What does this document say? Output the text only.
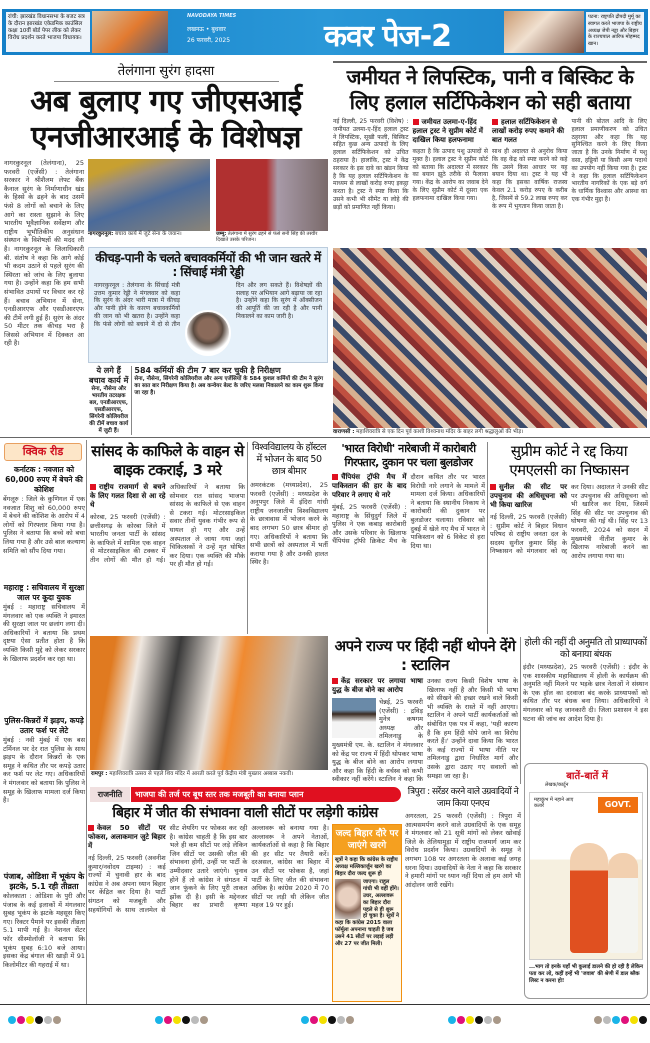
रांची: झारखंड विधानसभा के बजट सत्र के दौरान झारखंड एकेडमिक काउंसिल कक्षा 10वीं बोर्ड पेपर लीक को लेकर विरोध प्रदर्शन करते भाजपा विधायक।
NAVODAYA TIMES
लखनऊ • बुधवार
26 फरवरी, 2025	कवर पेज-2
पटना: राष्ट्रपति द्रौपदी मुर्मू का स्वागत करते भाजपा के राष्ट्रीय अध्यक्ष जेपी नड्डा और बिहार के राज्यपाल आरिफ मोहम्मद खान।
तेलंगाना सुरंग हादसा
अब बुलाए गए जीएसआई एनजीआरआई के विशेषज्ञ
नागरकुरनूल (तेलंगाना), 25 फरवरी (एजेंसी) : तेलंगाना सरकार ने श्रीशैलम लेफ्ट बैंक कैनाल सुरंग के निर्माणाधीन खंड के हिस्से के ढहने के बाद उसमें फंसे 8 लोगों को बचाने के लिए आगे का रास्ता सुझाने के लिए भारतीय भूवैज्ञानिक सर्वेक्षण और राष्ट्रीय भूभौतिकीय अनुसंधान संस्थान के विशेषज्ञों की मदद ली है। नागरकुरनूल के जिलाधिकारी बी. संतोष ने कहा कि आगे कोई भी कदम उठाने से पहले सुरंग की स्थिरता को जांच के लिए बुलाया गया है। उन्होंने कहा कि हम सभी संभावित उपायों पर विचार कर रहे हैं। बचाव अभियान में सेना, एनडीआरएफ और एसडीआरएफ की टीमें लगी हुई हैं। सुरंग के अंदर 50 मीटर तक कीचड़ भरा है जिससे अभियान में दिक्कत आ रही है।
नागरकुरनूल: बचाव कार्य में जुटे सेना के जवान।	जम्मू: तेलंगाना में सुरंग ढहने से फंसे सनी सिंह की तस्वीर दिखाते उसके परिजन।
कीचड़-पानी के चलते बचावकर्मियों की भी जान खतरे में : सिंचाई मंत्री रेड्डी
नागरकुरनूल : तेलंगाना के सिंचाई मंत्री उत्तम कुमार रेड्डी ने मंगलवार को कहा कि सुरंग के अंदर भारी मात्रा में कीचड़ और पानी होने के कारण बचावकर्मियों की जान को भी खतरा है। उन्होंने कहा कि फंसे लोगों को बचाने में दो से तीन दिन और लग सकते हैं। विशेषज्ञों की सलाह पर अभियान आगे बढ़ाया जा रहा है। उन्होंने कहा कि सुरंग में ऑक्सीजन की आपूर्ति की जा रही है और पानी निकालने का काम जारी है।
ये लगे हैं बचाव कार्य में
सेना, नौसेना और भारतीय तटरक्षक बल, एनडीआरएफ, एसडीआरएफ, सिंगरेनी कोलियरीज की टीमें बचाव कार्य में जुटी हैं।
584 कर्मियों की टीम 7 बार कर चुकी है निरीक्षण
सेना, नौसेना, सिंगरेनी कोलियरीज और अन्य एजेंसियों के 584 कुशल कर्मियों की टीम ने सुरंग का सात बार निरीक्षण किया है। अब कन्वेयर बेल्ट के जरिए मलबा निकालने का काम शुरू किया जा रहा है।
जमीयत ने लिपस्टिक, पानी व बिस्किट के लिए हलाल सर्टिफिकेशन को सही बताया
नई दिल्ली, 25 फरवरी (विशेष) : जमीयत उलमा-ए-हिंद हलाल ट्रस्ट ने लिपस्टिक, सूखी फली, बिस्किट सहित कुछ अन्य उत्पादों के लिए हलाल सर्टिफिकेशन को उचित ठहराया है। हालांकि, ट्रस्ट ने केंद्र सरकार के इस दावे का खंडन किया है कि यह हलाल सर्टिफिकेशन के माध्यम से लाखों करोड़ रुपए इकट्ठा करता है। ट्रस्ट ने स्पष्ट किया कि उसने कभी भी सीमेंट या लोहे की छड़ों को प्रमाणित नहीं किया।
जमीयत उलमा-ए-हिंद हलाल ट्रस्ट ने सुप्रीम कोर्ट में दाखिल किया हलफनामा
कहता है कि उत्पाद पशु उत्पादों से मुक्त है। हलाल ट्रस्ट ने सुप्रीम कोर्ट को बताया कि अदालत में सरकार का बयान झूठे तरीके से फैलाया गया। केंद्र के आरोप का जवाब देने के लिए सुप्रीम कोर्ट में दूसरा एक हलफनामा दाखिल किया गया।
हलाल सर्टिफिकेशन से लाखों करोड़ रुपए कमाने की बात गलत
साथ ही अदालत से अनुरोध किया कि वह केंद्र को स्पष्ट करने को कहे कि उसने किस आधार पर यह बयान दिया था। ट्रस्ट ने यह भी कहा कि इसका वार्षिक राजस्व केवल 2.1 करोड़ रुपए के करीब है, जिसमें से 59.2 लाख रुपए कर के रूप में भुगतान किया जाता है।
पानी की बोतल आदि के लिए हलाल प्रमाणीकरण को उचित ठहराया और कहा कि यह सुनिश्चित करने के लिए किया जाता है कि उनके निर्माण में पशु वसा, हड्डियों या किसी अन्य पदार्थ का उपयोग नहीं किया गया है। ट्रस्ट ने कहा कि हलाल सर्टिफिकेशन भारतीय नागरिकों के एक बड़े वर्ग के धार्मिक विश्वास और आस्था का एक गंभीर मुद्दा है।
वाराणसी : महाशिवरात्रि से एक दिन पूर्व काशी विश्वनाथ मंदिर के बाहर लगी श्रद्धालुओं की भीड़।
क्विक रीड
कर्नाटक : नवजात को 60,000 रुपए में बेचने की कोशिश
बेंगलूरु : जिले के कुणिगल में एक नवजात शिशु को 60,000 रुपए में बेचने की कोशिश के आरोप में 4 लोगों को गिरफ्तार किया गया है। पुलिस ने बताया कि बच्चे को बचा लिया गया है और उसे बाल कल्याण समिति को सौंप दिया गया।
महाराष्ट्र : सचिवालय में सुरक्षा जाल पर कूदा युवक
मुंबई : महाराष्ट्र सचिवालय में मंगलवार को एक व्यक्ति ने इमारत की सुरक्षा जाल पर छलांग लगा दी। अधिकारियों ने बताया कि प्रथम दृष्टया ऐसा प्रतीत होता है कि व्यक्ति किसी मुद्दे को लेकर सरकार के खिलाफ प्रदर्शन कर रहा था।
पुलिस-किन्नरों में झड़प, कपड़े उतार फर्श पर लेटे
मुंबई : नवी मुंबई में एक बस टर्मिनल पर देर रात पुलिस के साथ झड़प के दौरान किन्नरों के एक समूह ने कथित तौर पर कपड़े उतार कर फर्श पर लेट गए। अधिकारियों ने मंगलवार को बताया कि पुलिस ने समूह के खिलाफ मामला दर्ज किया है।
पंजाब, ओडिशा में भूकंप के झटके, 5.1 रही तीव्रता
कोलकाता : ओडिशा के पुरी और पंजाब के कई इलाकों में मंगलवार सुबह भूकंप के झटके महसूस किए गए। रिक्टर पैमाने पर इसकी तीव्रता 5.1 मापी गई है। नेशनल सेंटर फॉर सीस्मोलॉजी ने बताया कि भूकंप सुबह 6:10 बजे आया। इसका केंद्र बंगाल की खाड़ी में 91 किलोमीटर की गहराई में था।
सांसद के काफिले के वाहन से बाइक टकराई, 3 मरे
राष्ट्रीय राजमार्ग से बचने के लिए गलत दिशा से आ रहे थे
कोरबा, 25 फरवरी (एजेंसी) : छत्तीसगढ़ के कोरबा जिले में भारतीय जनता पार्टी के सांसद के काफिले में शामिल एक वाहन से मोटरसाइकिल की टक्कर में तीन लोगों की मौत हो गई। अधिकारियों ने बताया कि सोमवार रात सांसद भाजपा सांसद के काफिले से एक वाहन से टकरा गई। मोटरसाइकिल सवार तीनों युवक गंभीर रूप से घायल हो गए और उन्हें अस्पताल ले जाया गया जहां चिकित्सकों ने उन्हें मृत घोषित कर दिया। एक व्यक्ति की मौके पर ही मौत हो गई।
विश्वविद्यालय के हॉस्टल में भोजन के बाद 50 छात्र बीमार
अमरकंटक (मध्यप्रदेश), 25 फरवरी (एजेंसी) : मध्यप्रदेश के अनूपपुर जिले में इंदिरा गांधी राष्ट्रीय जनजातीय विश्वविद्यालय के छात्रावास में भोजन करने के बाद लगभग 50 छात्र बीमार हो गए। अधिकारियों ने बताया कि सभी छात्रों को अस्पताल में भर्ती कराया गया है और उनकी हालत स्थिर है।
रामपुर : महाशिवरात्रि उत्सव से पहले शिव मंदिर में आरती करते पूर्व केंद्रीय मंत्री मुख्तार अब्बास नकवी।
'भारत विरोधी' नारेबाजी में कारोबारी गिरफ्तार, दुकान पर चला बुलडोजर
चैंपियंस ट्रॉफी मैच में पाकिस्तान की हार के बाद परिवार ने लगाए थे नारे
मुंबई, 25 फरवरी (एजेंसी) : महाराष्ट्र के सिंधुदुर्ग जिले में पुलिस ने एक कबाड़ कारोबारी और उसके परिवार के खिलाफ चैंपियंस ट्रॉफी क्रिकेट मैच के दौरान कथित तौर पर भारत विरोधी नारे लगाने के मामले में मामला दर्ज किया। अधिकारियों ने बताया कि स्थानीय निकाय ने कारोबारी की दुकान पर बुलडोजर चलाया। रविवार को दुबई में खेले गए मैच में भारत ने पाकिस्तान को 6 विकेट से हरा दिया था।
सुप्रीम कोर्ट ने रद्द किया एमएलसी का निष्कासन
सुनील की सीट पर उपचुनाव की अधिसूचना को भी किया खारिज
नई दिल्ली, 25 फरवरी (एजेंसी) : सुप्रीम कोर्ट ने बिहार विधान परिषद से राष्ट्रीय जनता दल के सदस्य सुनील कुमार सिंह के निष्कासन को मंगलवार को रद्द कर दिया। अदालत ने उनकी सीट पर उपचुनाव की अधिसूचना को भी खारिज कर दिया, जिसमें सिंह की सीट पर उपचुनाव की घोषणा की गई थी। सिंह पर 13 फरवरी, 2024 को सदन में मुख्यमंत्री नीतीश कुमार के खिलाफ नारेबाजी करने का आरोप लगाया गया था।
अपने राज्य पर हिंदी नहीं थोपने देंगे : स्टालिन
केंद्र सरकार पर लगाया भाषा युद्ध के बीज बोने का आरोप
चेन्नई, 25 फरवरी (एजेंसी) : द्रविड़ मुनेत्र कषगम अध्यक्ष और तमिलनाडु के मुख्यमंत्री एम. के. स्टालिन ने मंगलवार को केंद्र पर राज्य में हिंदी थोपकर भाषा युद्ध के बीज बोने का आरोप लगाया और कहा कि हिंदी के वर्चस्व को कभी स्वीकार नहीं करेंगे। स्टालिन ने कहा कि उनका राज्य किसी विशेष भाषा के खिलाफ नहीं है और किसी भी भाषा को सीखने की इच्छा रखने वाले किसी भी व्यक्ति के रास्ते में नहीं आएगा। स्टालिन ने अपने पार्टी कार्यकर्ताओं को संबोधित एक पत्र में कहा, 'यही कारण है कि हम हिंदी थोपे जाने का विरोध करते हैं।' उन्होंने दावा किया कि भारत के कई राज्यों में भाषा नीति पर तमिलनाडु द्वारा निर्धारित मार्ग और उसके द्वारा उठाए गए सवालों को समझा जा रहा है।
होली की नहीं दी अनुमति तो प्राध्यापकों को बनाया बंधक
इंदौर (मध्यप्रदेश), 25 फरवरी (एजेंसी) : इंदौर के एक शासकीय महाविद्यालय में होली के कार्यक्रम की अनुमति नहीं मिलने पर भड़के छात्र नेताओं ने संस्थान के एक हॉल का दरवाजा बंद करके प्राध्यापकों को कथित तौर पर बंधक बना लिया। अधिकारियों ने मंगलवार को यह जानकारी दी। जिला प्रशासन ने इस घटना की जांच का आदेश दिया है।
बातें-बातें में
लेखक/कार्टून
महाकुंभ में नहाने आए कतारें	GOVT.
...भाग तो इनके यहाँ भी कुलाई डालने की हो रही है लेकिन पता कर लो, कहीं इन्हें भी 'जवाब' की श्रेणी में डाल ब्लैक लिस्ट न करना हो!
राजनीति	भाजपा की तर्ज पर बूथ स्तर तक मजबूती का बनाया प्लान
बिहार में जीत की संभावना वाली सीटों पर लड़ेगी कांग्रेस
केवल 50 सीटों पर फोकस, अलाकमान जुटे बिहार में
नई दिल्ली, 25 फरवरी (अवनीश कुमार/नवोदय टाइम्स) : कई राज्यों में चुनावी हार के बाद कांग्रेस ने अब अपना ध्यान बिहार पर केंद्रित कर दिया है। पार्टी संगठन को मजबूती और सहयोगियों के साथ तालमेल से सीट शेयरिंग पर फोकस कर रही है। कांग्रेस चाहती है कि इस बार भले ही कम सीटों पर लड़े लेकिन जिन सीटों पर उसकी जीत की संभावना होगी, उन्हीं पर पार्टी के उम्मीदवार उतारे जाएंगे। चुनाव होने हैं तो कांग्रेस ने संगठन में जान फूंकने के लिए पूरी ताकत झोंक दी है। इसी के मद्देनजर बिहार का प्रभारी कृष्णा अल्लावरू को बनाया गया है। अल्लावरू ने अपने नेताओं, कार्यकर्ताओं से कहा है कि बिहार की हर सीट पर तैयारी करें। दरअसल, कांग्रेस का बिहार में उन सीटों पर फोकस है, जहां पार्टी के लिए जीत की संभावना अधिक है। कांग्रेस 2020 में 70 सीटों पर लड़ी थी लेकिन जीत महज 19 पर हुई।
जल्द बिहार दौरे पर जाएंगे खरगे
सूत्रों ने कहा कि कांग्रेस के राष्ट्रीय अध्यक्ष मल्लिकार्जुन खरगे का बिहार दौरा जल्द शुरू हो
जाएगा। राहुल गांधी भी वहीं होंगे। उधर, अल्लावरू का बिहार दौरा पहले से ही शुरू हो चुका है। सूत्रों ने कहा कि कांग्रेस 2015 वाला फॉर्मूला अपनाना चाहती है जब उसने 41 सीटों पर लड़ाई लड़ी और 27 पर जीत मिली।
त्रिपुरा : सरेंडर करने वाले उग्रवादियों ने जाम किया एनएच
अगरतला, 25 फरवरी (एजेंसी) : त्रिपुरा में आत्मसमर्पण करने वाले उग्रवादियों के एक समूह ने मंगलवार को 21 सूत्री मांगों को लेकर खोवाई जिले के तेलियामुड़ा में राष्ट्रीय राजमार्ग जाम कर विरोध प्रदर्शन किया। उग्रवादियों के समूह ने लगभग 108 पर अगरतला के अलावा कई जगह धरना दिया। उग्रवादियों के नेता ने कहा कि सरकार ने हमारी मांगों पर ध्यान नहीं दिया तो हम आगे भी आंदोलन जारी रखेंगे।
